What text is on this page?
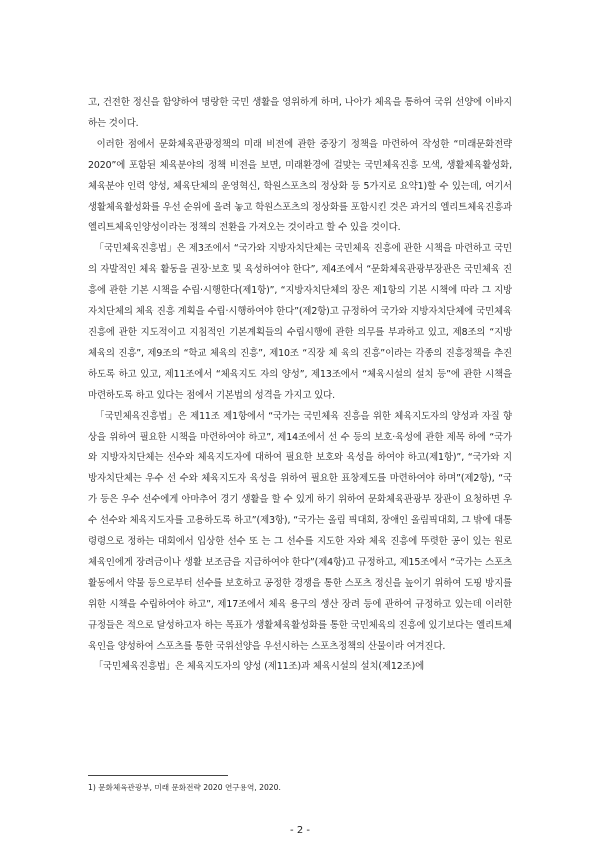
고, 건전한 정신을 함양하여 명랑한 국민 생활을 영위하게 하며, 나아가 체육을 통하여 국위 선양에 이바지하는 것이다.

이러한 점에서 문화체육관광정책의 미래 비전에 관한 중장기 정책을 마련하여 작성한 “미래문화전략2020”에 포함된 체육분야의 정책 비전을 보면, 미래환경에 걸맞는 국민체육진흥 모색, 생활체육활성화, 체육분야 인력 양성, 체육단체의 운영혁신, 학원스포츠의 정상화 등 5가지로 요약1)할 수 있는데, 여기서 생활체육활성화를 우선 순위에 올려 놓고 학원스포츠의 정상화를 포함시킨 것은 과거의 엘리트체육진흥과 엘리트체육인양성이라는 정책의 전환을 가져오는 것이라고 할 수 있을 것이다.

「국민체육진흥법」은 제3조에서 “국가와 지방자치단체는 국민체육 진흥에 관한 시책을 마련하고 국민의 자발적인 체육 활동을 권장·보호 및 육성하여야 한다”, 제4조에서 “문화체육관광부장관은 국민체육 진흥에 관한 기본 시책을 수립·시행한다(제1항)”, “지방자치단체의 장은 제1항의 기본 시책에 따라 그 지방자치단체의 체육 진흥 계획을 수립·시행하여야 한다”(제2항)고 규정하여 국가와 지방자치단체에 국민체육진흥에 관한 지도적이고 지침적인 기본계획들의 수립시행에 관한 의무를 부과하고 있고, 제8조의 “지방 체육의 진흥”, 제9조의 “학교 체육의 진흥”, 제10조 “직장 체 육의 진흥”이라는 각종의 진흥정책을 추진하도록 하고 있고, 제11조에서 “체육지도 자의 양성”, 제13조에서 “체육시설의 설치 등”에 관한 시책을 마련하도록 하고 있다는 점에서 기본법의 성격을 가지고 있다.

「국민체육진흥법」은 제11조 제1항에서 “국가는 국민체육 진흥을 위한 체육지도자의 양성과 자질 향상을 위하여 필요한 시책을 마련하여야 하고”, 제14조에서 선 수 등의 보호·육성에 관한 제목 하에 “국가와 지방자치단체는 선수와 체육지도자에 대하여 필요한 보호와 육성을 하여야 하고(제1항)”, “국가와 지방자치단체는 우수 선 수와 체육지도자 육성을 위하여 필요한 표창제도를 마련하여야 하며”(제2항), “국가 등은 우수 선수에게 아마추어 경기 생활을 할 수 있게 하기 위하여 문화체육관광부 장관이 요청하면 우수 선수와 체육지도자를 고용하도록 하고”(제3항), “국가는 올림 픽대회, 장애인 올림픽대회, 그 밖에 대통령령으로 정하는 대회에서 입상한 선수 또 는 그 선수를 지도한 자와 체육 진흥에 뚜렷한 공이 있는 원로 체육인에게 장려금이나 생활 보조금을 지급하여야 한다”(제4항)고 규정하고, 제15조에서 “국가는 스포츠 활동에서 약물 등으로부터 선수를 보호하고 공정한 경쟁을 통한 스포츠 정신을 높이기 위하여 도핑 방지를 위한 시책을 수립하여야 하고”, 제17조에서 체육 용구의 생산 장려 등에 관하여 규정하고 있는데 이러한 규정들은 적으로 달성하고자 하는 목표가 생활체육활성화를 통한 국민체육의 진흥에 있기보다는 엘리트체육인을 양성하여 스포츠를 통한 국위선양을 우선시하는 스포츠정책의 산물이라 여겨진다.

「국민체육진흥법」은 체육지도자의 양성 (제11조)과 체육시설의 설치(제12조)에

1) 문화체육관광부, 미래 문화전략 2020 연구용역, 2020.
- 2 -
